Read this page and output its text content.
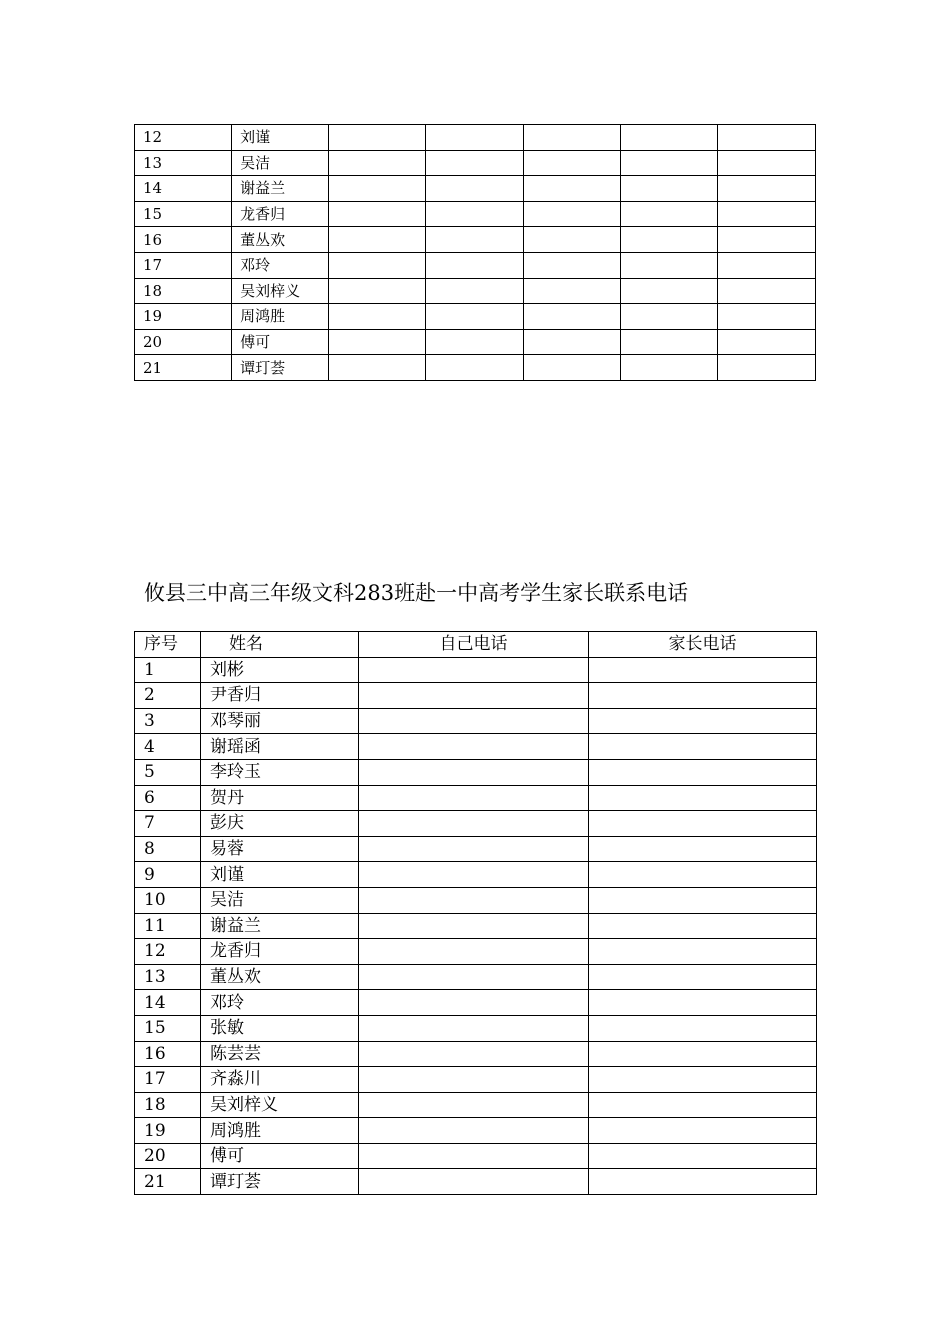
12	刘谨					
13	吴洁					
14	谢益兰					
15	龙香归					
16	董丛欢					
17	邓玲					
18	吴刘梓义					
19	周鸿胜					
20	傅可					
21	谭玎荟					
攸县三中高三年级文科283班赴一中高考学生家长联系电话
序号	姓名	自己电话	家长电话
1	刘彬		
2	尹香归		
3	邓琴丽		
4	谢瑶函		
5	李玲玉		
6	贺丹		
7	彭庆		
8	易蓉		
9	刘谨		
10	吴洁		
11	谢益兰		
12	龙香归		
13	董丛欢		
14	邓玲		
15	张敏		
16	陈芸芸		
17	齐淼川		
18	吴刘梓义		
19	周鸿胜		
20	傅可		
21	谭玎荟		
